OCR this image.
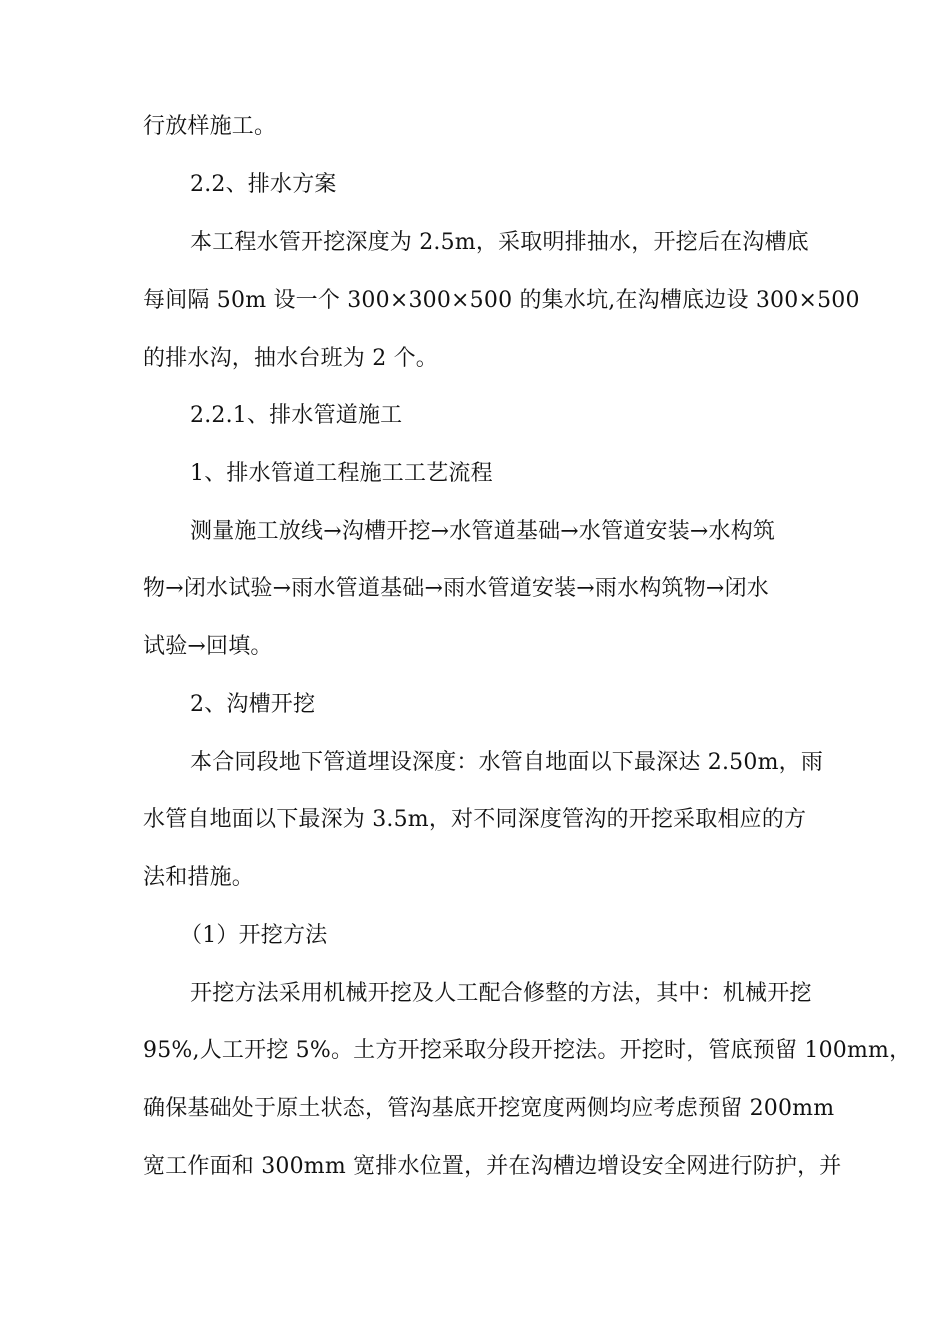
行放样施工。
2.2、排水方案
本工程水管开挖深度为 2.5m，采取明排抽水，开挖后在沟槽底
每间隔 50m 设一个 300×300×500 的集水坑,在沟槽底边设 300×500
的排水沟，抽水台班为 2 个。
2.2.1、排水管道施工
1、排水管道工程施工工艺流程
测量施工放线→沟槽开挖→水管道基础→水管道安装→水构筑
物→闭水试验→雨水管道基础→雨水管道安装→雨水构筑物→闭水
试验→回填。
2、沟槽开挖
本合同段地下管道埋设深度：水管自地面以下最深达 2.50m，雨
水管自地面以下最深为 3.5m，对不同深度管沟的开挖采取相应的方
法和措施。
（1）开挖方法
开挖方法采用机械开挖及人工配合修整的方法，其中：机械开挖
95%,人工开挖 5%。土方开挖采取分段开挖法。开挖时，管底预留 100mm，
确保基础处于原土状态，管沟基底开挖宽度两侧均应考虑预留 200mm
宽工作面和 300mm 宽排水位置，并在沟槽边增设安全网进行防护，并
